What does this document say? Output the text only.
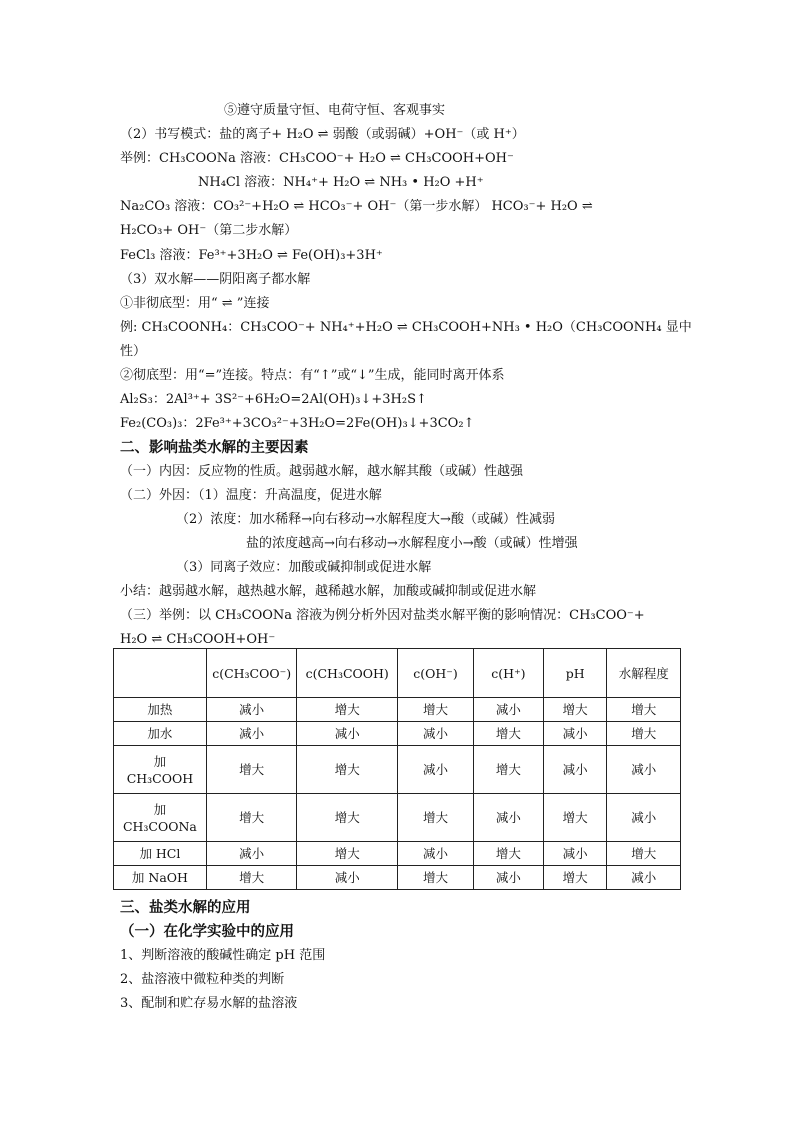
⑤遵守质量守恒、电荷守恒、客观事实
（2）书写模式：盐的离子+ H₂O ⇌ 弱酸（或弱碱）+OH⁻（或 H⁺）
举例：CH₃COONa 溶液：CH₃COO⁻+ H₂O ⇌ CH₃COOH+OH⁻
NH₄Cl 溶液：NH₄⁺+ H₂O ⇌ NH₃ • H₂O +H⁺
Na₂CO₃ 溶液：CO₃²⁻+H₂O ⇌ HCO₃⁻+ OH⁻（第一步水解） HCO₃⁻+ H₂O ⇌
H₂CO₃+ OH⁻（第二步水解）
FeCl₃ 溶液：Fe³⁺+3H₂O ⇌ Fe(OH)₃+3H⁺
（3）双水解——阴阳离子都水解
①非彻底型：用“ ⇌ ”连接
例: CH₃COONH₄：CH₃COO⁻+ NH₄⁺+H₂O ⇌ CH₃COOH+NH₃ • H₂O（CH₃COONH₄ 显中
性）
②彻底型：用“=”连接。特点：有“↑”或“↓”生成，能同时离开体系
Al₂S₃：2Al³⁺+ 3S²⁻+6H₂O=2Al(OH)₃↓+3H₂S↑
Fe₂(CO₃)₃：2Fe³⁺+3CO₃²⁻+3H₂O=2Fe(OH)₃↓+3CO₂↑
二、影响盐类水解的主要因素
（一）内因：反应物的性质。越弱越水解，越水解其酸（或碱）性越强
（二）外因：（1）温度：升高温度，促进水解
（2）浓度：加水稀释→向右移动→水解程度大→酸（或碱）性减弱
盐的浓度越高→向右移动→水解程度小→酸（或碱）性增强
（3）同离子效应：加酸或碱抑制或促进水解
小结：越弱越水解，越热越水解，越稀越水解，加酸或碱抑制或促进水解
（三）举例：以 CH₃COONa 溶液为例分析外因对盐类水解平衡的影响情况：CH₃COO⁻+
H₂O ⇌ CH₃COOH+OH⁻
	c(CH₃COO⁻)	c(CH₃COOH)	c(OH⁻)	c(H⁺)	pH	水解程度
加热	减小	增大	增大	减小	增大	增大
加水	减小	减小	减小	增大	减小	增大
加 CH₃COOH	增大	增大	减小	增大	减小	减小
加 CH₃COONa	增大	增大	增大	减小	增大	减小
加 HCl	减小	增大	减小	增大	减小	增大
加 NaOH	增大	减小	增大	减小	增大	减小
三、盐类水解的应用
（一）在化学实验中的应用
1、判断溶液的酸碱性确定 pH 范围
2、盐溶液中微粒种类的判断
3、配制和贮存易水解的盐溶液
